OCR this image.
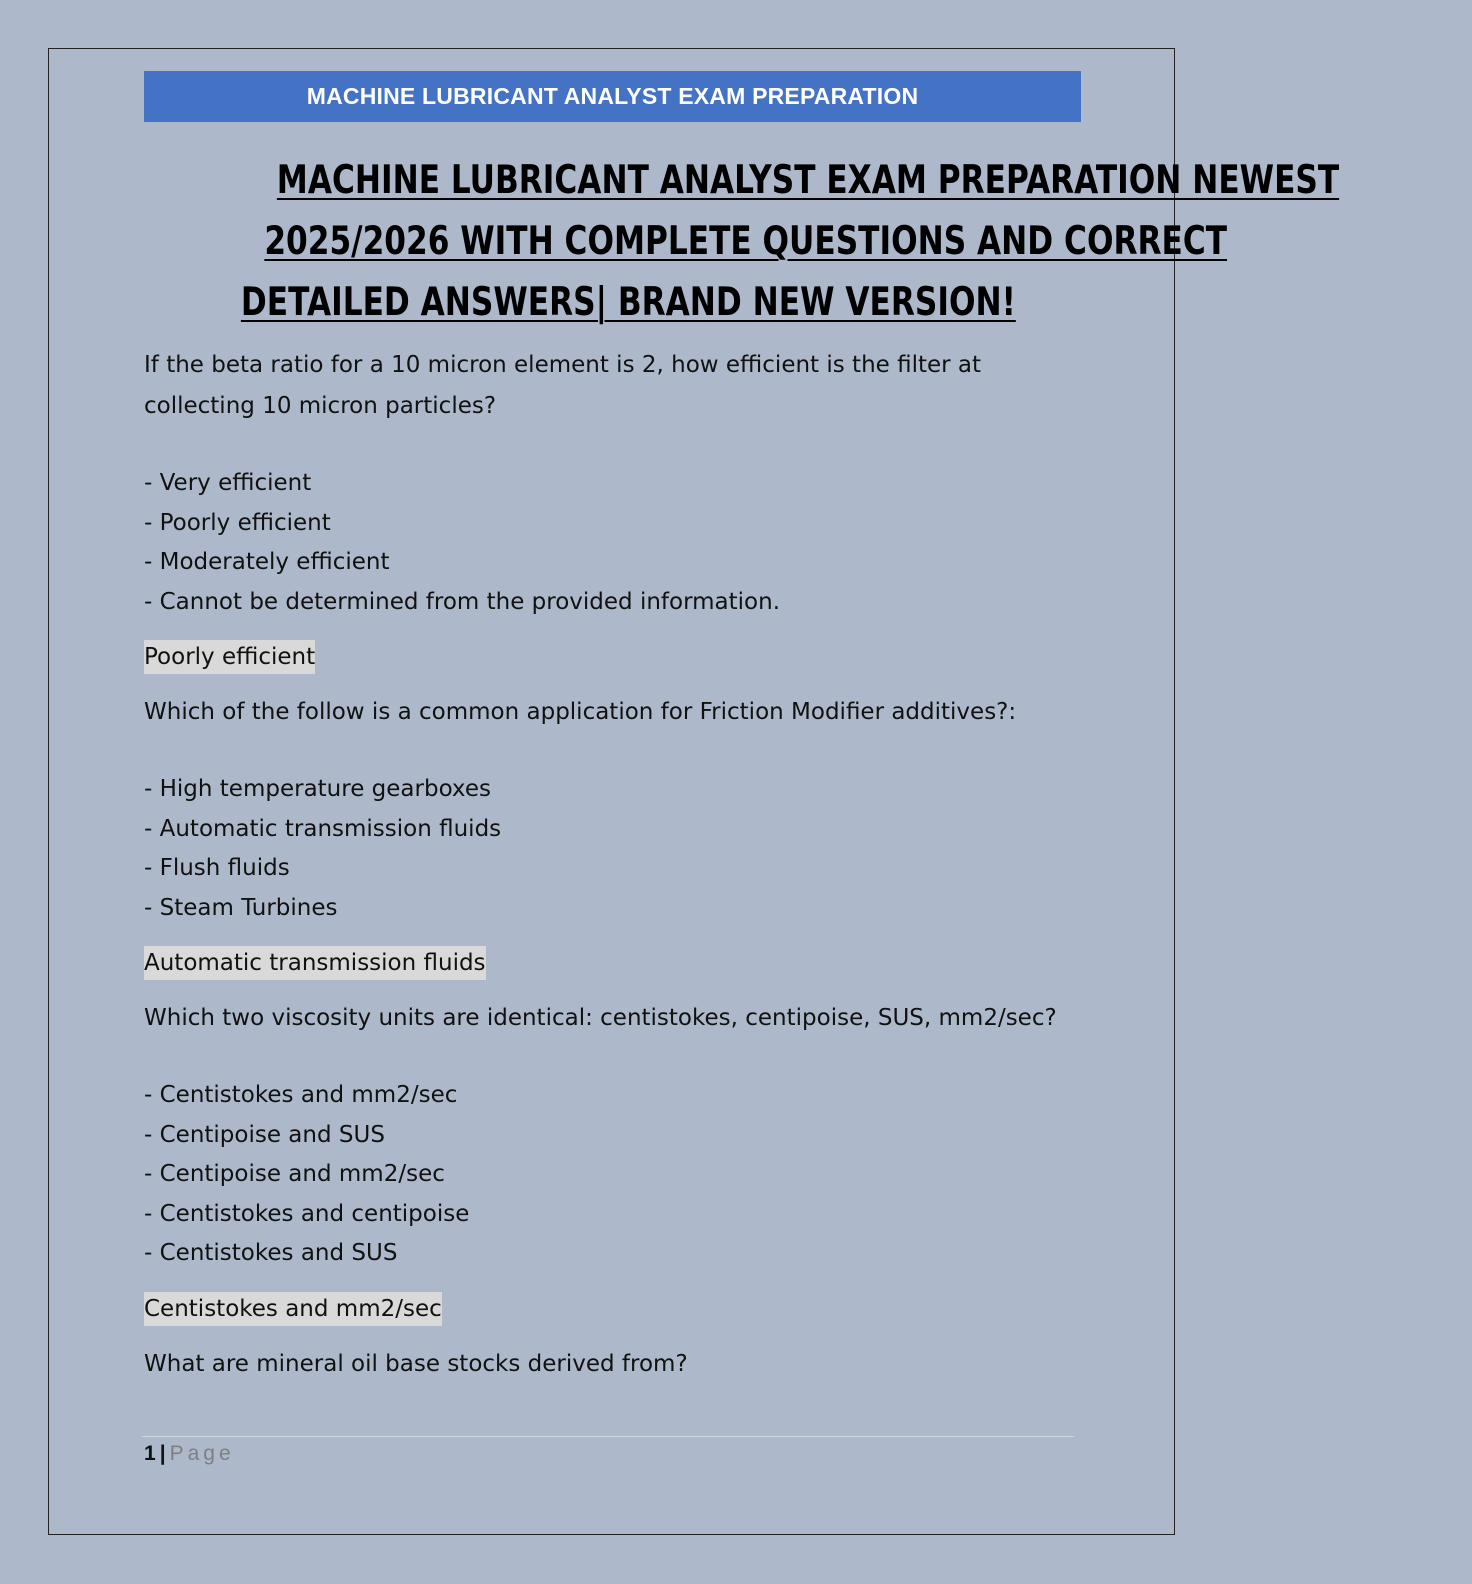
MACHINE LUBRICANT ANALYST EXAM PREPARATION
MACHINE LUBRICANT ANALYST EXAM PREPARATION NEWEST
2025/2026 WITH COMPLETE QUESTIONS AND CORRECT
DETAILED ANSWERS| BRAND NEW VERSION!

If the beta ratio for a 10 micron element is 2, how efficient is the filter at collecting 10 micron particles?

- Very efficient

- Poorly efficient

- Moderately efficient

- Cannot be determined from the provided information.

Poorly efficient

Which of the follow is a common application for Friction Modifier additives?:

- High temperature gearboxes

- Automatic transmission fluids

- Flush fluids

- Steam Turbines

Automatic transmission fluids

Which two viscosity units are identical: centistokes, centipoise, SUS, mm2/sec?

- Centistokes and mm2/sec

- Centipoise and SUS

- Centipoise and mm2/sec

- Centistokes and centipoise

- Centistokes and SUS

Centistokes and mm2/sec

What are mineral oil base stocks derived from?

1 | Page
